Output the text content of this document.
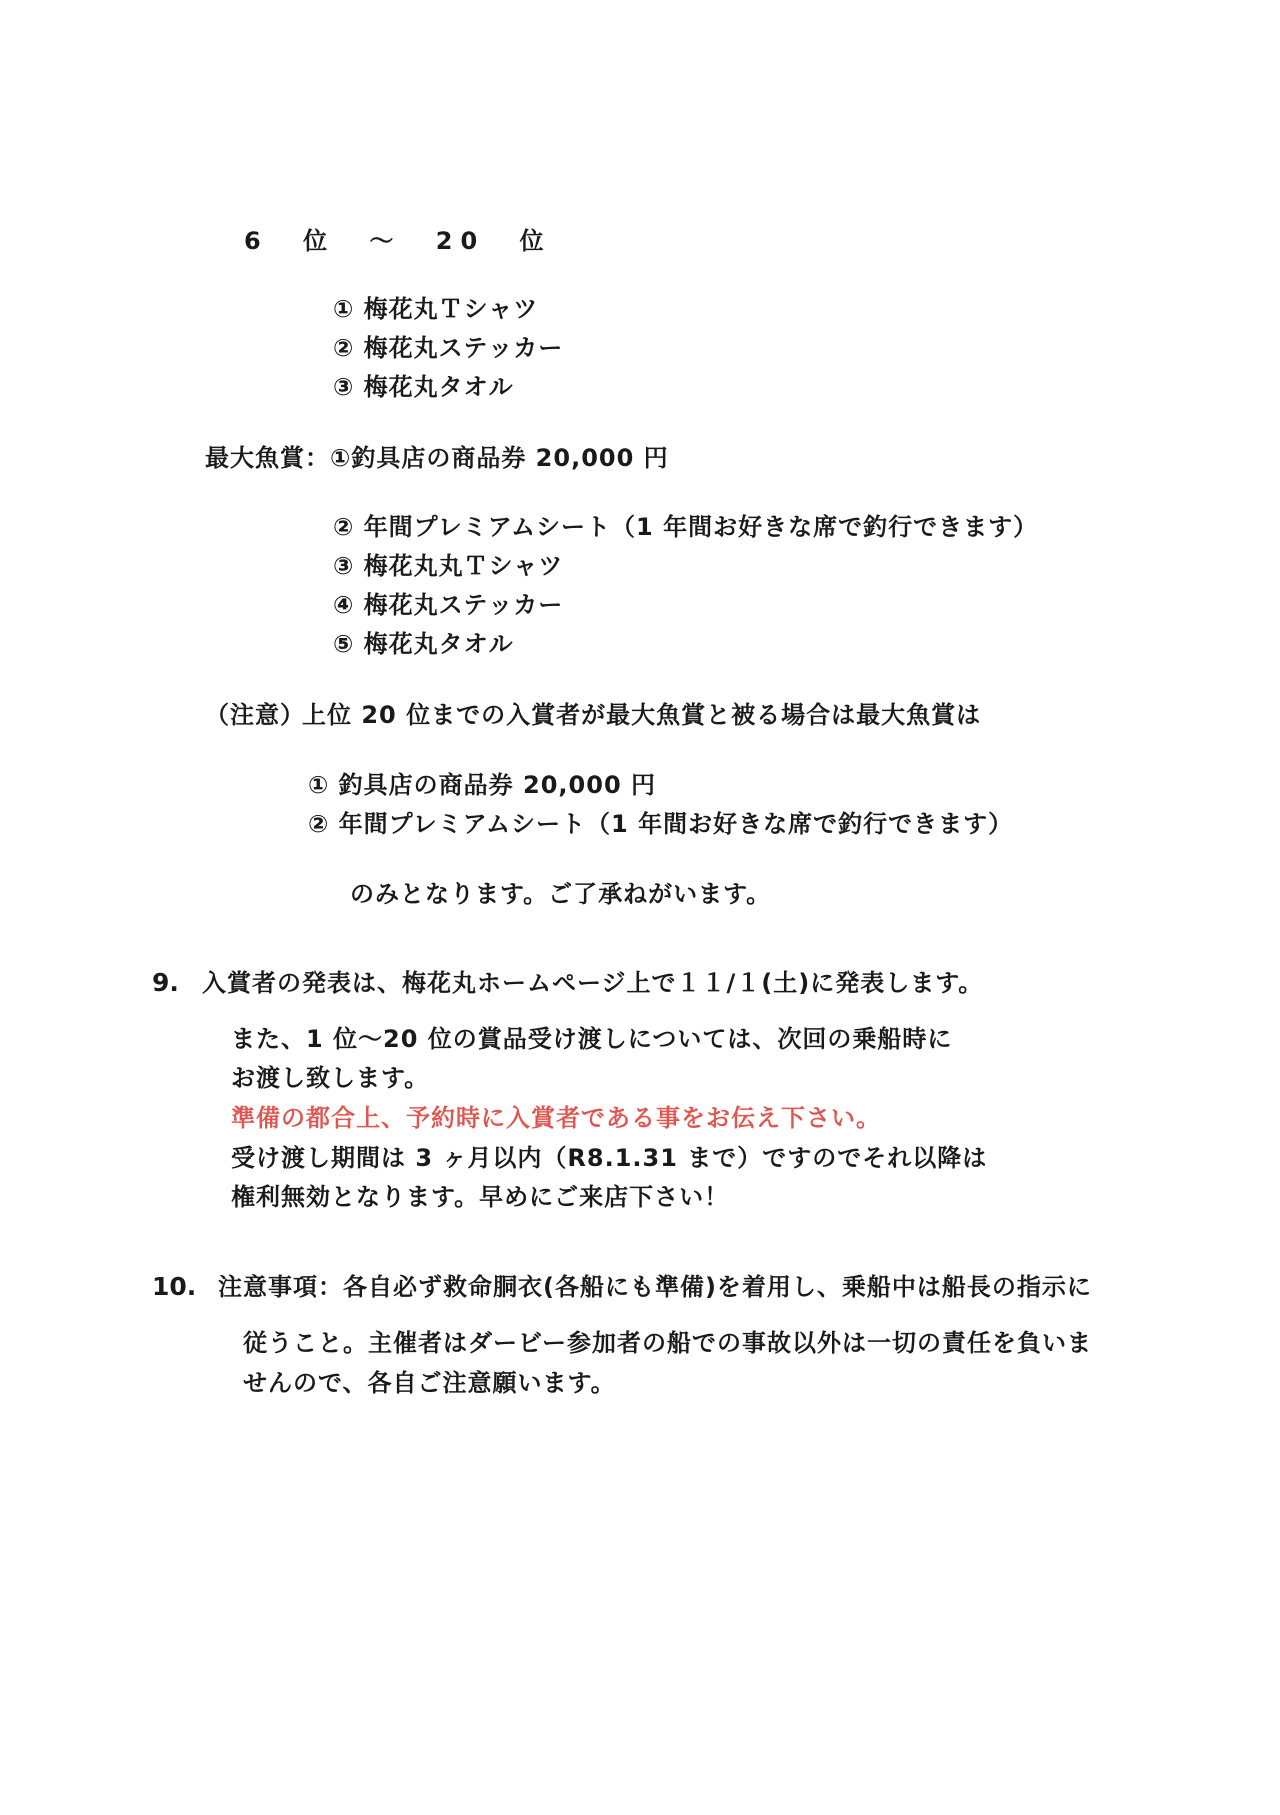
6 位 ～ 20 位
① 梅花丸Ｔシャツ
② 梅花丸ステッカー
③ 梅花丸タオル
最大魚賞：①釣具店の商品券 20,000 円
② 年間プレミアムシート（1 年間お好きな席で釣行できます）
③ 梅花丸丸Ｔシャツ
④ 梅花丸ステッカー
⑤ 梅花丸タオル
（注意）
上位 20 位までの入賞者が最大魚賞と被る場合は最大魚賞は
① 釣具店の商品券 20,000 円
② 年間プレミアムシート（1 年間お好きな席で釣行できます）
のみとなります。ご了承ねがいます。
9. 入賞者の発表は、梅花丸ホームページ上で１１/１(土)に発表します。
また、1 位～20 位の賞品受け渡しについては、次回の乗船時に
お渡し致します。
準備の都合上、予約時に入賞者である事をお伝え下さい。
受け渡し期間は 3 ヶ月以内（R8.1.31 まで）ですのでそれ以降は
権利無効となります。早めにご来店下さい！
10. 注意事項：各自必ず救命胴衣(各船にも準備)を着用し、乗船中は船長の指示に
従うこと。主催者はダービー参加者の船での事故以外は一切の責任を負いま
せんので、各自ご注意願います。
